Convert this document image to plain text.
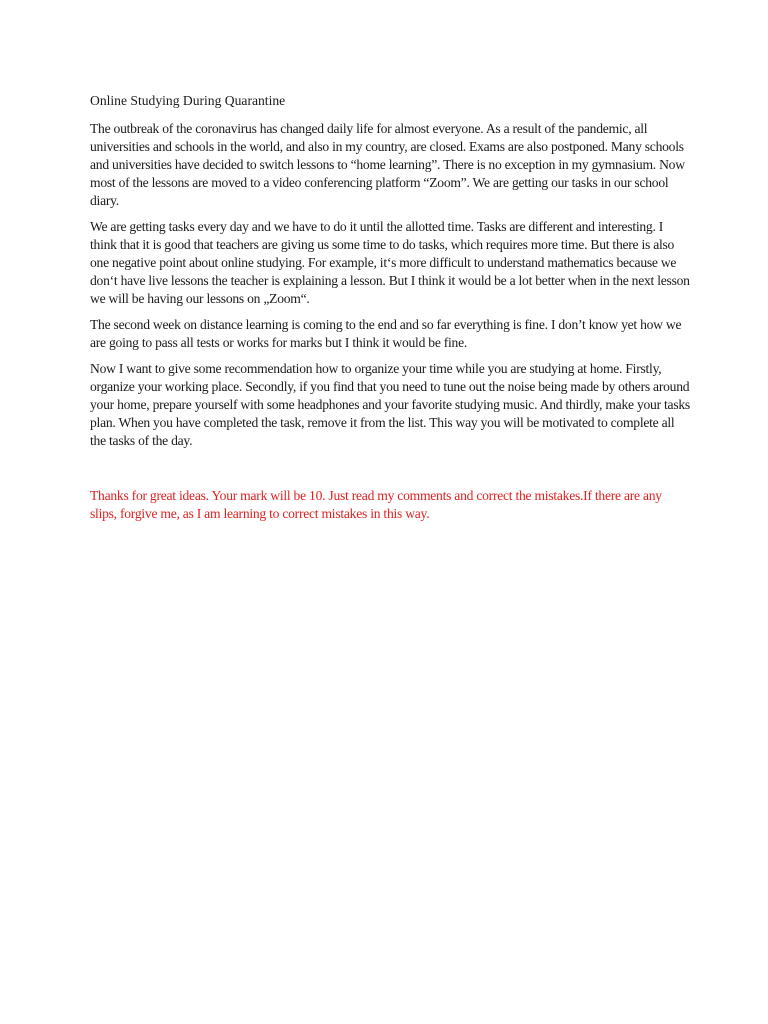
Online Studying During Quarantine

The outbreak of the coronavirus has changed daily life for almost everyone. As a result of the pandemic, all universities and schools in the world, and also in my country, are closed. Exams are also postponed. Many schools and universities have decided to switch lessons to “home learning”. There is no exception in my gymnasium. Now most of the lessons are moved to a video conferencing platform “Zoom”. We are getting our tasks in our school diary.

We are getting tasks every day and we have to do it until the allotted time. Tasks are different and interesting. I think that it is good that teachers are giving us some time to do tasks, which requires more time. But there is also one negative point about online studying. For example, it‘s more difficult to understand mathematics because we don‘t have live lessons the teacher is explaining a lesson. But I think it would be a lot better when in the next lesson we will be having our lessons on „Zoom“.

The second week on distance learning is coming to the end and so far everything is fine. I don’t know yet how we are going to pass all tests or works for marks but I think it would be fine.

Now I want to give some recommendation how to organize your time while you are studying at home. Firstly, organize your working place. Secondly, if you find that you need to tune out the noise being made by others around your home, prepare yourself with some headphones and your favorite studying music. And thirdly, make your tasks plan. When you have completed the task, remove it from the list. This way you will be motivated to complete all the tasks of the day.

Thanks for great ideas. Your mark will be 10. Just read my comments and correct the mistakes.If there are any slips, forgive me, as I am learning to correct mistakes in this way.
